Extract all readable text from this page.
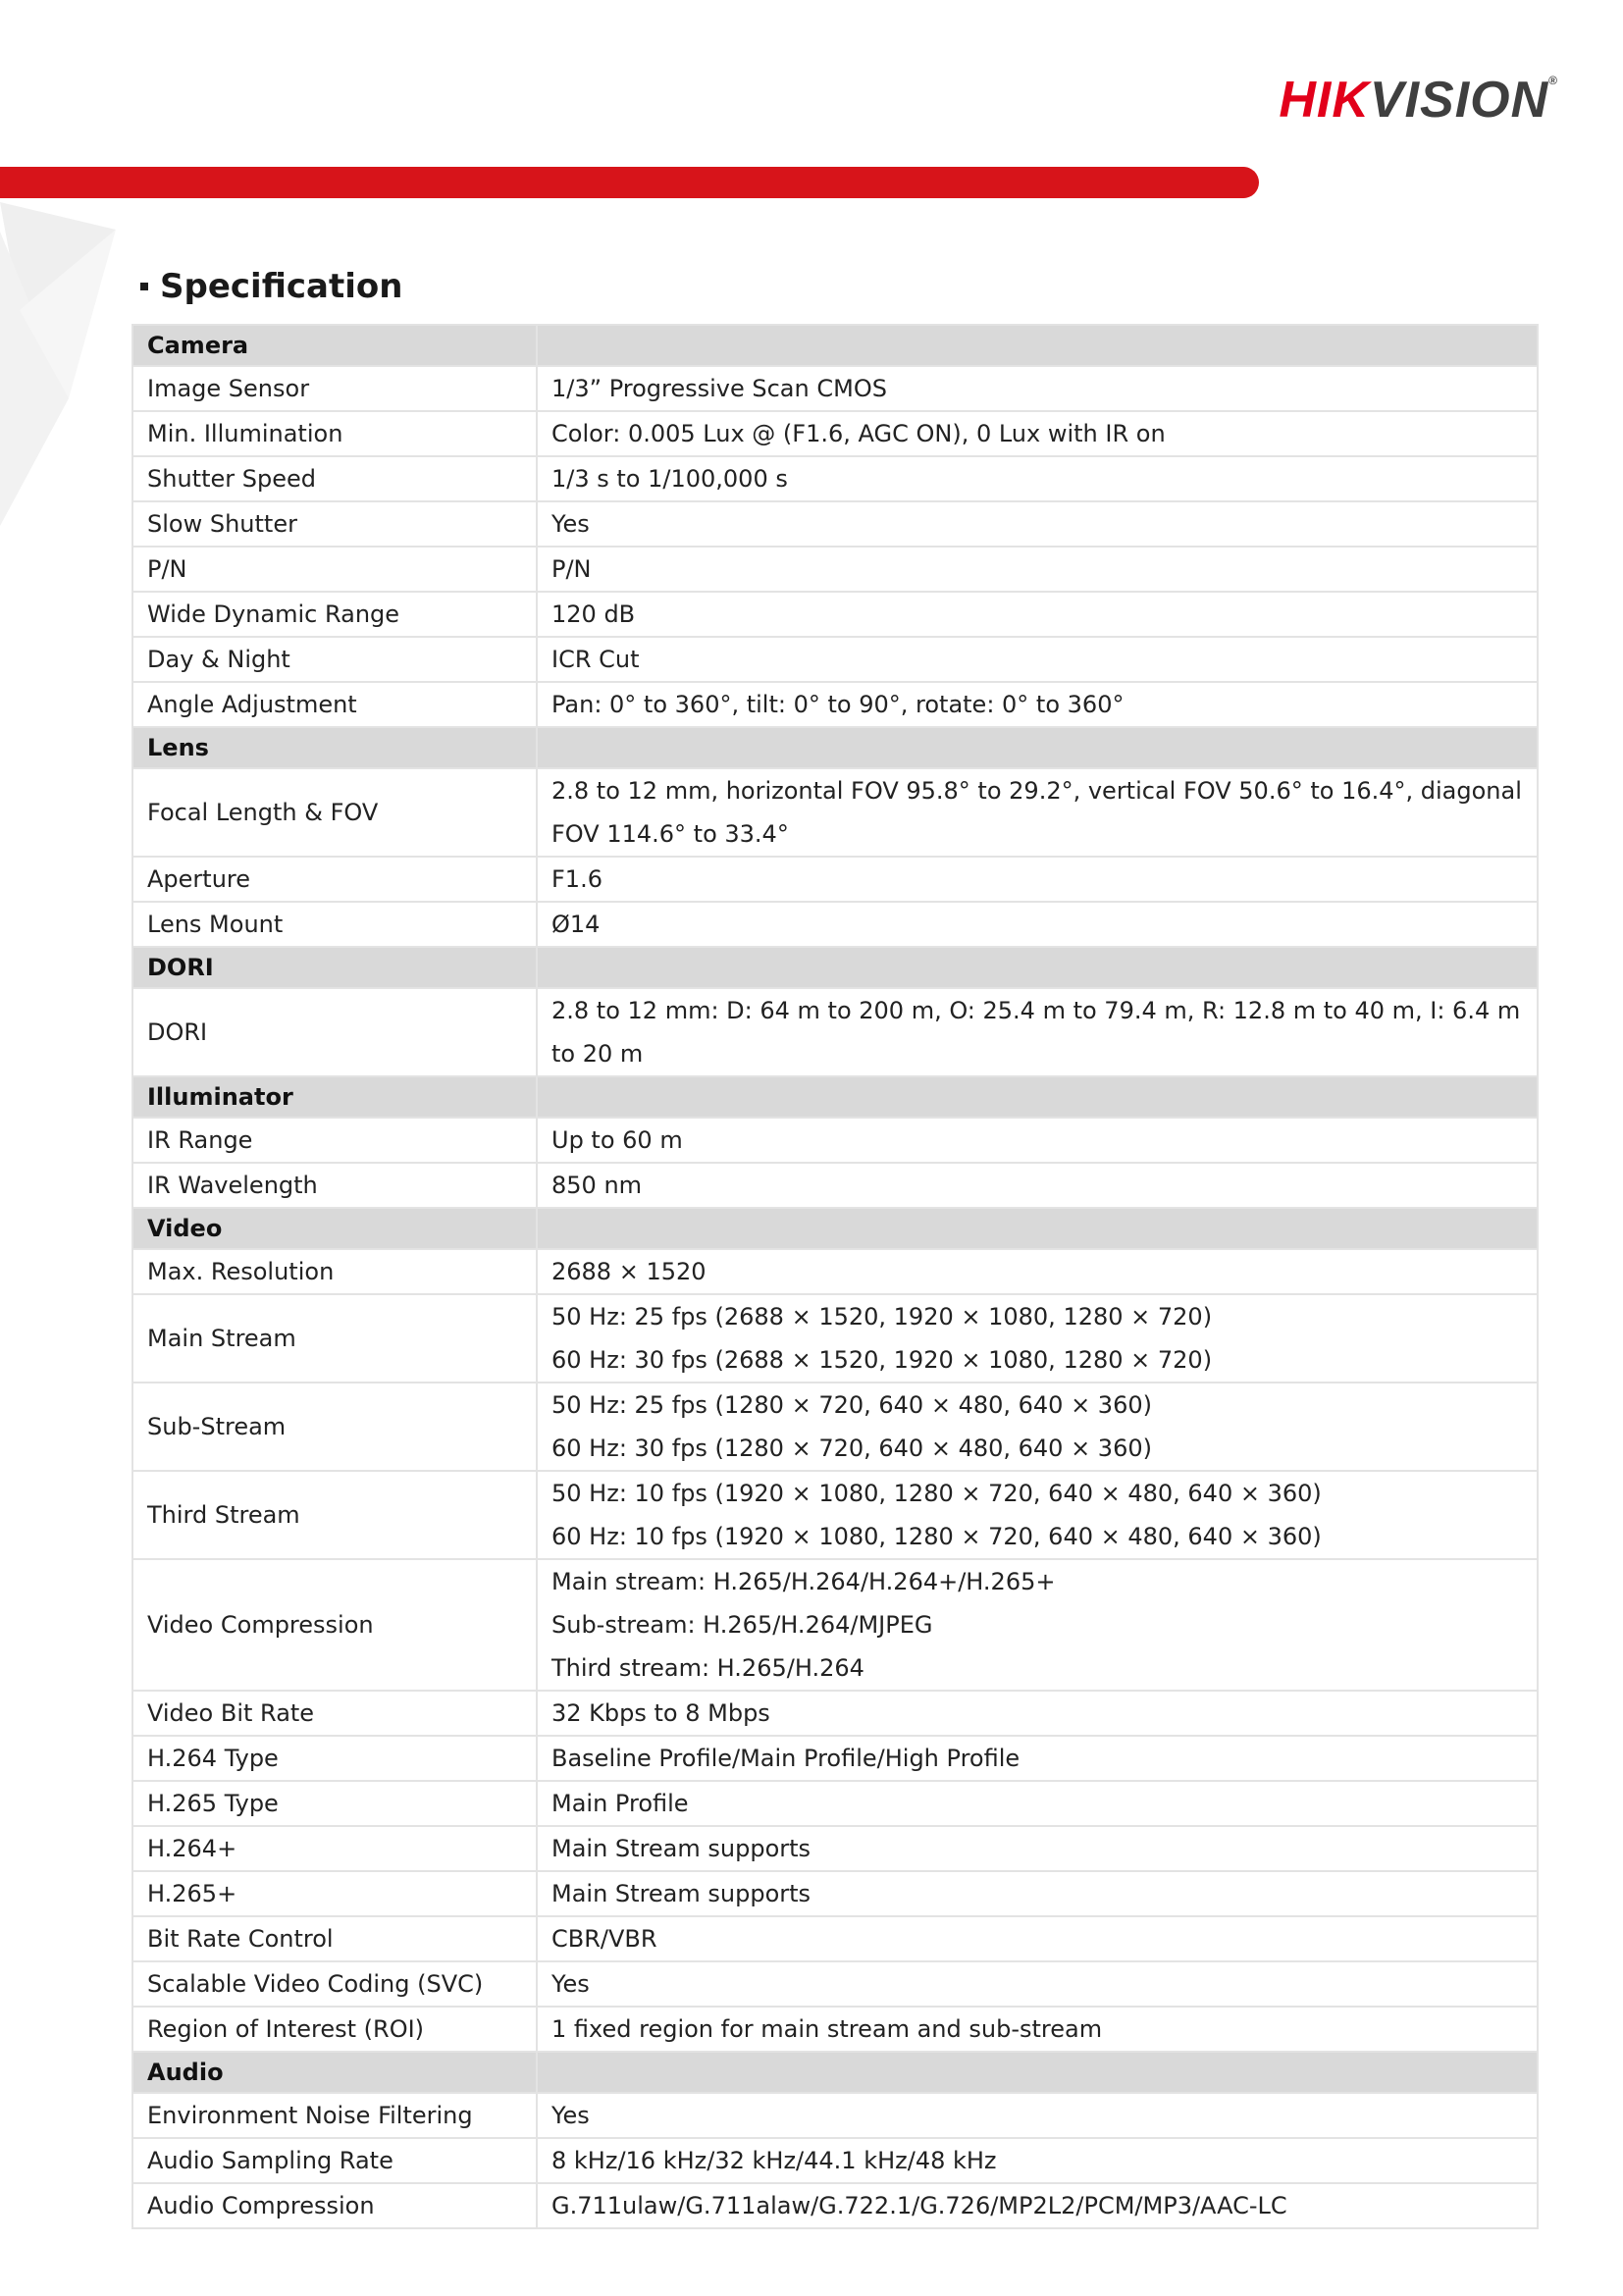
HIKVISION®
Specification
Camera	
Image Sensor	1/3” Progressive Scan CMOS

Min. Illumination	Color: 0.005 Lux @ (F1.6, AGC ON), 0 Lux with IR on

Shutter Speed	1/3 s to 1/100,000 s

Slow Shutter	Yes

P/N	P/N

Wide Dynamic Range	120 dB

Day & Night	ICR Cut

Angle Adjustment	Pan: 0° to 360°, tilt: 0° to 90°, rotate: 0° to 360°

Lens	
Focal Length & FOV	2.8 to 12 mm, horizontal FOV 95.8° to 29.2°, vertical FOV 50.6° to 16.4°, diagonal FOV 114.6° to 33.4°

Aperture	F1.6

Lens Mount	Ø14

DORI	
DORI	2.8 to 12 mm: D: 64 m to 200 m, O: 25.4 m to 79.4 m, R: 12.8 m to 40 m, I: 6.4 m to 20 m

Illuminator	
IR Range	Up to 60 m

IR Wavelength	850 nm

Video	
Max. Resolution	2688 × 1520

Main Stream	50 Hz: 25 fps (2688 × 1520, 1920 × 1080, 1280 × 720)
60 Hz: 30 fps (2688 × 1520, 1920 × 1080, 1280 × 720)

Sub-Stream	50 Hz: 25 fps (1280 × 720, 640 × 480, 640 × 360)
60 Hz: 30 fps (1280 × 720, 640 × 480, 640 × 360)

Third Stream	50 Hz: 10 fps (1920 × 1080, 1280 × 720, 640 × 480, 640 × 360)
60 Hz: 10 fps (1920 × 1080, 1280 × 720, 640 × 480, 640 × 360)

Video Compression	Main stream: H.265/H.264/H.264+/H.265+
Sub-stream: H.265/H.264/MJPEG
Third stream: H.265/H.264

Video Bit Rate	32 Kbps to 8 Mbps

H.264 Type	Baseline Profile/Main Profile/High Profile

H.265 Type	Main Profile

H.264+	Main Stream supports

H.265+	Main Stream supports

Bit Rate Control	CBR/VBR

Scalable Video Coding (SVC)	Yes

Region of Interest (ROI)	1 fixed region for main stream and sub-stream

Audio	
Environment Noise Filtering	Yes

Audio Sampling Rate	8 kHz/16 kHz/32 kHz/44.1 kHz/48 kHz

Audio Compression	G.711ulaw/G.711alaw/G.722.1/G.726/MP2L2/PCM/MP3/AAC-LC
